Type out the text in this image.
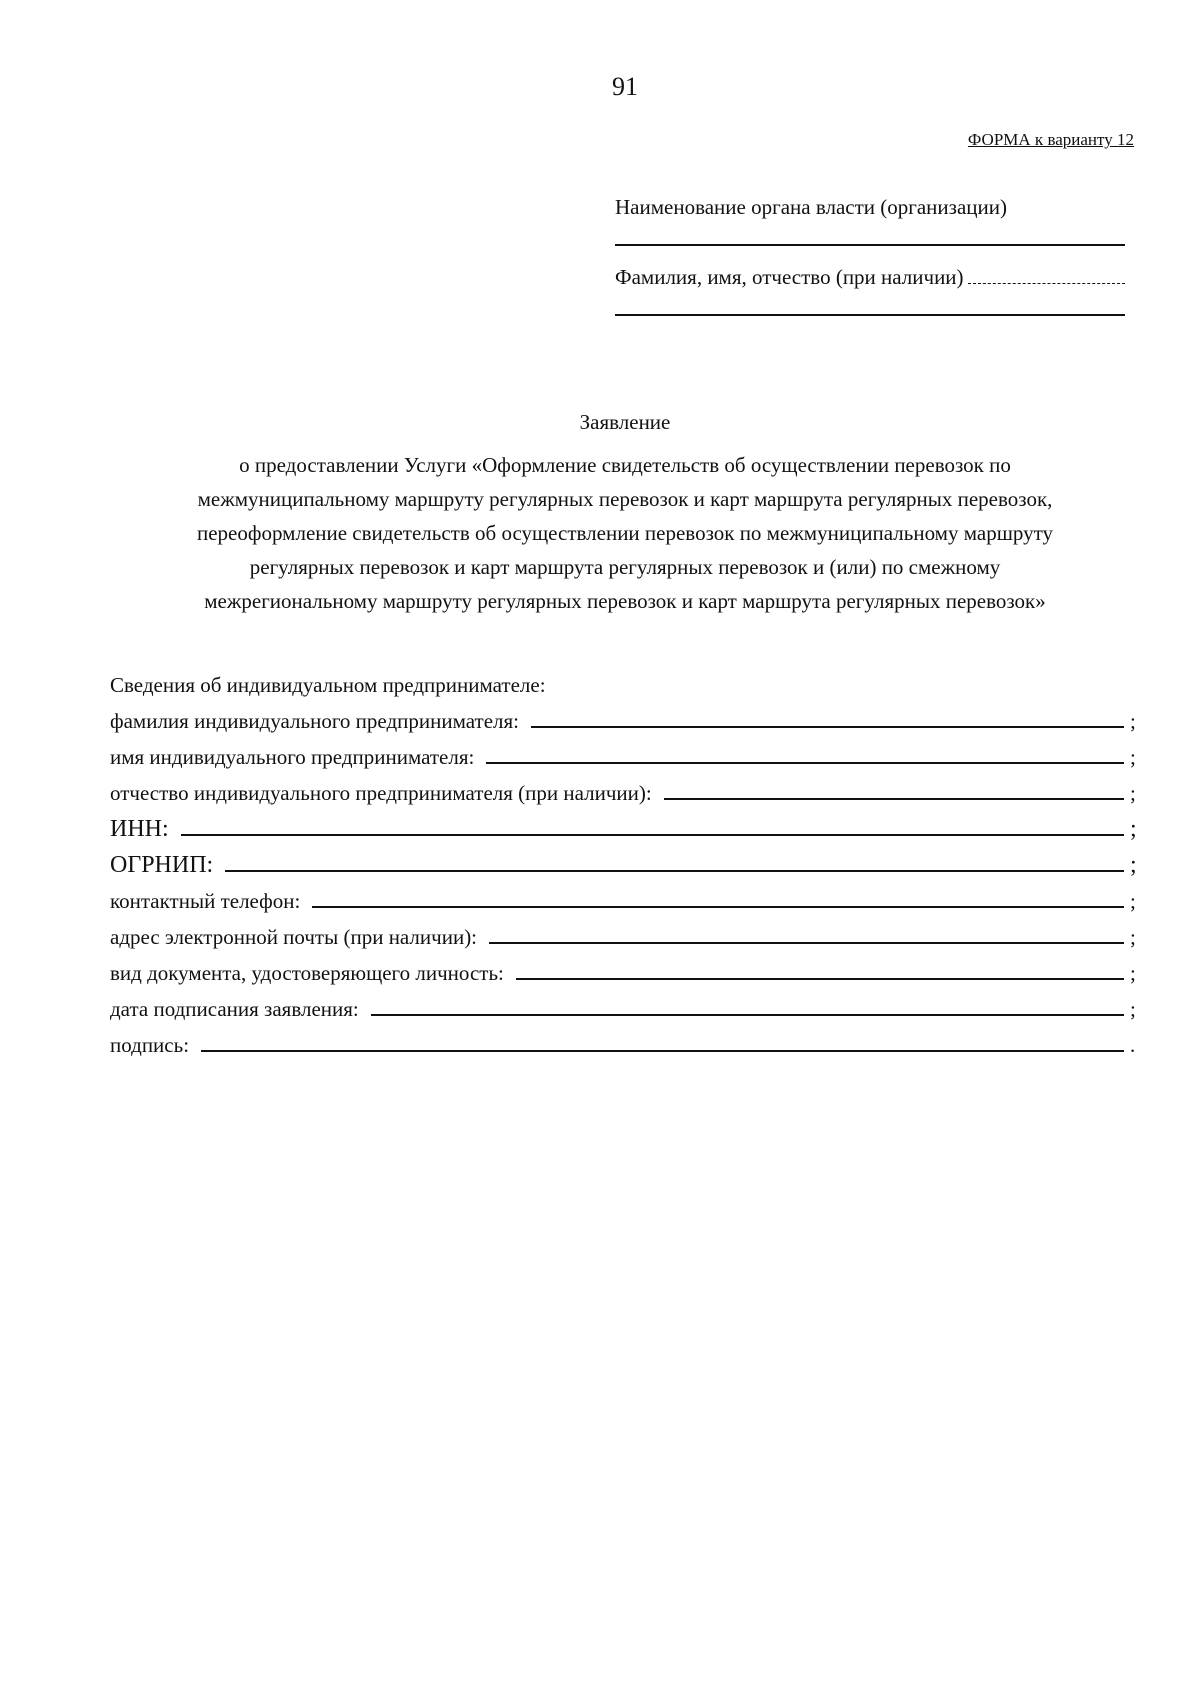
91
ФОРМА к варианту 12
Наименование органа власти (организации)
Фамилия, имя, отчество (при наличии)
Заявление
о предоставлении Услуги «Оформление свидетельств об осуществлении перевозок по
межмуниципальному маршруту регулярных перевозок и карт маршрута регулярных перевозок,
переоформление свидетельств об осуществлении перевозок по межмуниципальному маршруту
регулярных перевозок и карт маршрута регулярных перевозок и (или) по смежному
межрегиональному маршруту регулярных перевозок и карт маршрута регулярных перевозок»
Сведения об индивидуальном предпринимателе:
фамилия индивидуального предпринимателя:	;
имя индивидуального предпринимателя:	;
отчество индивидуального предпринимателя (при наличии):	;
ИНН:	;
ОГРНИП:	;
контактный телефон:	;
адрес электронной почты (при наличии):	;
вид документа, удостоверяющего личность:	;
дата подписания заявления:	;
подпись:	.
